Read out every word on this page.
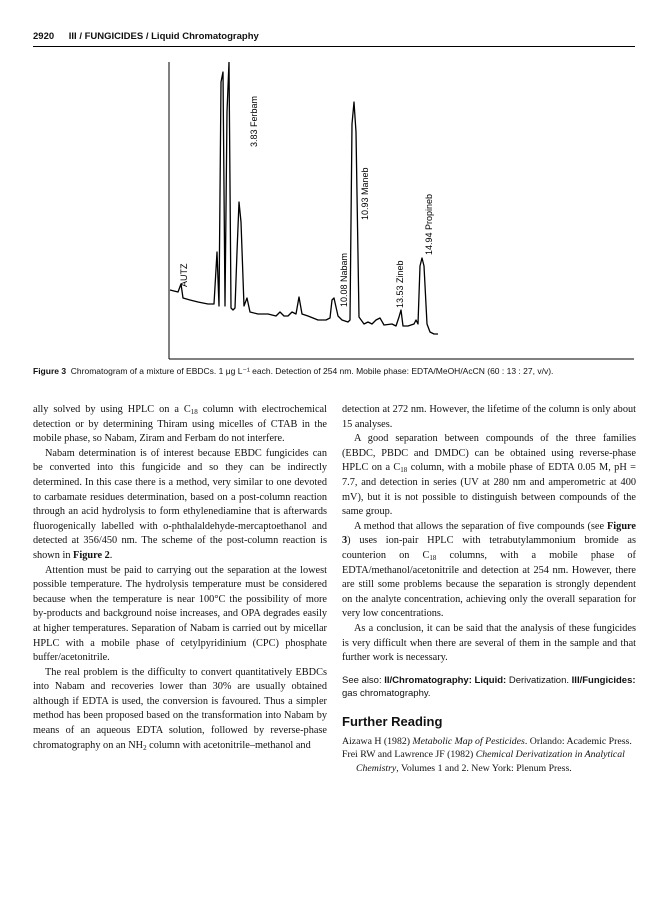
2920 III / FUNGICIDES / Liquid Chromatography
AUTZ
3.83 Ferbam
10.08 Nabam
10.93 Maneb
13.53 Zineb
14.94 Propineb
Figure 3 Chromatogram of a mixture of EBDCs. 1 μg L⁻¹ each. Detection of 254 nm. Mobile phase: EDTA/MeOH/AcCN (60 : 13 : 27, v/v).

ally solved by using HPLC on a $C_{18}$ column with electrochemical detection or by determining Thiram using micelles of CTAB in the mobile phase, so Nabam, Ziram and Ferbam do not interfere.

Nabam determination is of interest because EBDC fungicides can be converted into this fungicide and so they can be indirectly determined. In this case there is a method, very similar to one devoted to carbamate residues determination, based on a post-column reaction through an acid hydrolysis to form ethylenediamine that is afterwards fluorogenically labelled with o-phthalaldehyde-mercaptoethanol and detected at 356/450 nm. The scheme of the post-column reaction is shown in Figure 2.

Attention must be paid to carrying out the separation at the lowest possible temperature. The hydrolysis temperature must be considered because when the temperature is near 100°C the possibility of more by-products and background noise increases, and OPA degrades easily at higher temperatures. Separation of Nabam is carried out by micellar HPLC with a mobile phase of cetylpyridinium (CPC) phosphate buffer/acetonitrile.

The real problem is the difficulty to convert quantitatively EBDCs into Nabam and recoveries lower than 30% are usually obtained although if EDTA is used, the conversion is favoured. Thus a simpler method has been proposed based on the transformation into Nabam by means of an aqueous EDTA solution, followed by reverse-phase chromatography on an $NH_2$ column with acetonitrile–methanol and

detection at 272 nm. However, the lifetime of the column is only about 15 analyses.

A good separation between compounds of the three families (EBDC, PBDC and DMDC) can be obtained using reverse-phase HPLC on a $C_{18}$ column, with a mobile phase of EDTA 0.05 M, pH = 7.7, and detection in series (UV at 280 nm and amperometric at 400 mV), but it is not possible to distinguish between compounds of the same group.

A method that allows the separation of five compounds (see Figure 3) uses ion-pair HPLC with tetrabutylammonium bromide as counterion on $C_{18}$ columns, with a mobile phase of EDTA/methanol/acetonitrile and detection at 254 nm. However, there are still some problems because the separation is strongly dependent on the analyte concentration, achieving only the overall separation for very low concentrations.

As a conclusion, it can be said that the analysis of these fungicides is very difficult when there are several of them in the sample and that further work is necessary.

See also: II/Chromatography: Liquid: Derivatization. III/Fungicides: gas chromatography.
Further Reading
Aizawa H (1982) Metabolic Map of Pesticides. Orlando: Academic Press.
Frei RW and Lawrence JF (1982) Chemical Derivatization in Analytical Chemistry, Volumes 1 and 2. New York: Plenum Press.
